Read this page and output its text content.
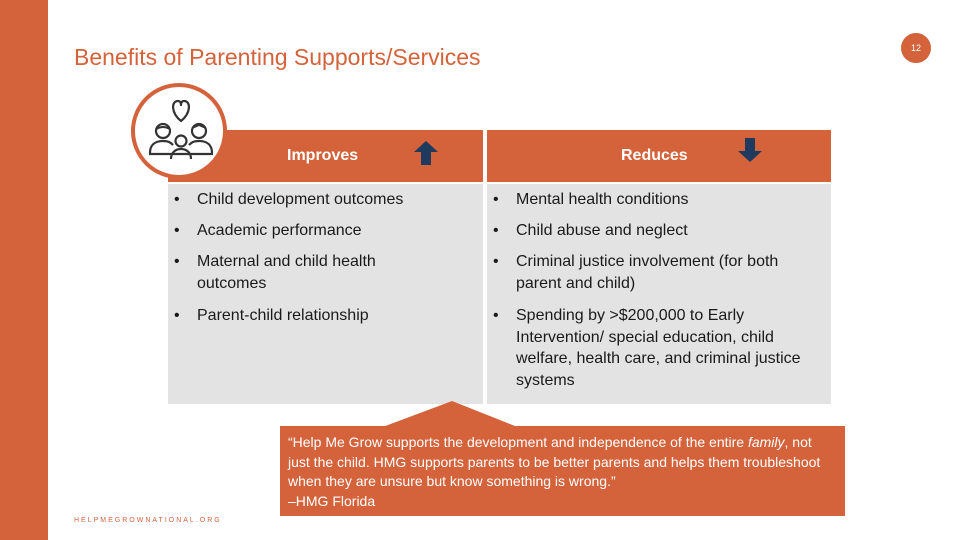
12
Benefits of Parenting Supports/Services
Improves	Reduces
• Child development outcomes
• Academic performance
• Maternal and child health outcomes
• Parent-child relationship
• Mental health conditions
• Child abuse and neglect
• Criminal justice involvement (for both parent and child)
• Spending by >$200,000 to Early Intervention/ special education, child welfare, health care, and criminal justice systems
“Help Me Grow supports the development and independence of the entire family, not just the child. HMG supports parents to be better parents and helps them troubleshoot when they are unsure but know something is wrong.”
–HMG Florida
HELPMEGROWNATIONAL.ORG
